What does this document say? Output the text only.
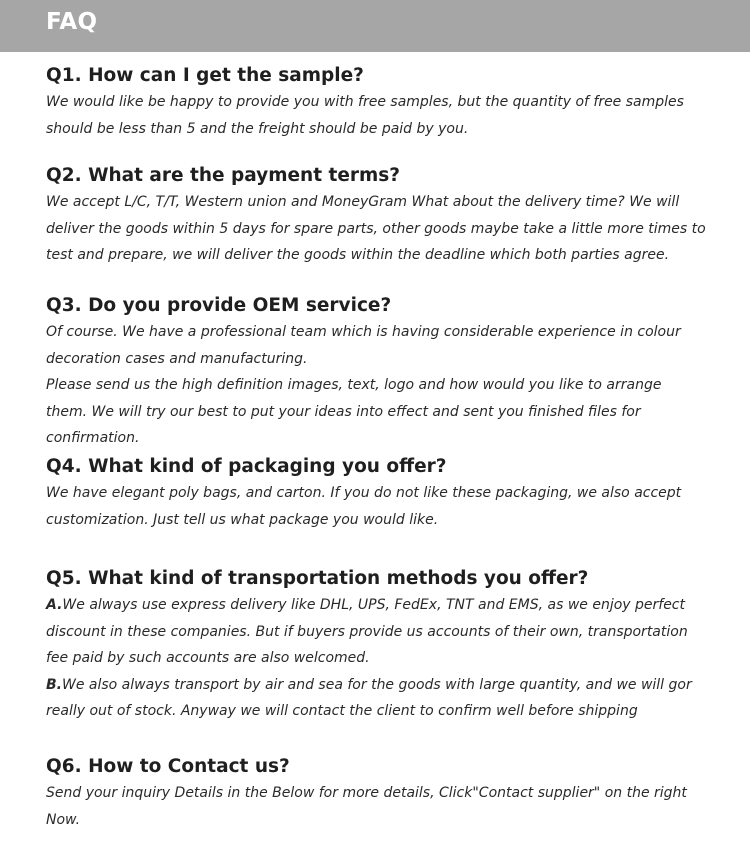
FAQ
Q1. How can I get the sample?

We would like be happy to provide you with free samples, but the quantity of free samples should be less than 5 and the freight should be paid by you.

Q2. What are the payment terms?

We accept L/C, T/T, Western union and MoneyGram What about the delivery time? We will deliver the goods within 5 days for spare parts, other goods maybe take a little more times to test and prepare, we will deliver the goods within the deadline which both parties agree.

Q3. Do you provide OEM service?

Of course. We have a professional team which is having considerable experience in colour decoration cases and manufacturing.

Please send us the high definition images, text, logo and how would you like to arrange them. We will try our best to put your ideas into effect and sent you finished files for confirmation.

Q4. What kind of packaging you offer?

We have elegant poly bags, and carton. If you do not like these packaging, we also accept customization. Just tell us what package you would like.

Q5. What kind of transportation methods you offer?

A.We always use express delivery like DHL, UPS, FedEx, TNT and EMS, as we enjoy perfect discount in these companies. But if buyers provide us accounts of their own, transportation fee paid by such accounts are also welcomed.

B.We also always transport by air and sea for the goods with large quantity, and we will gor really out of stock. Anyway we will contact the client to confirm well before shipping

Q6. How to Contact us?

Send your inquiry Details in the Below for more details, Click"Contact supplier" on the right Now.
